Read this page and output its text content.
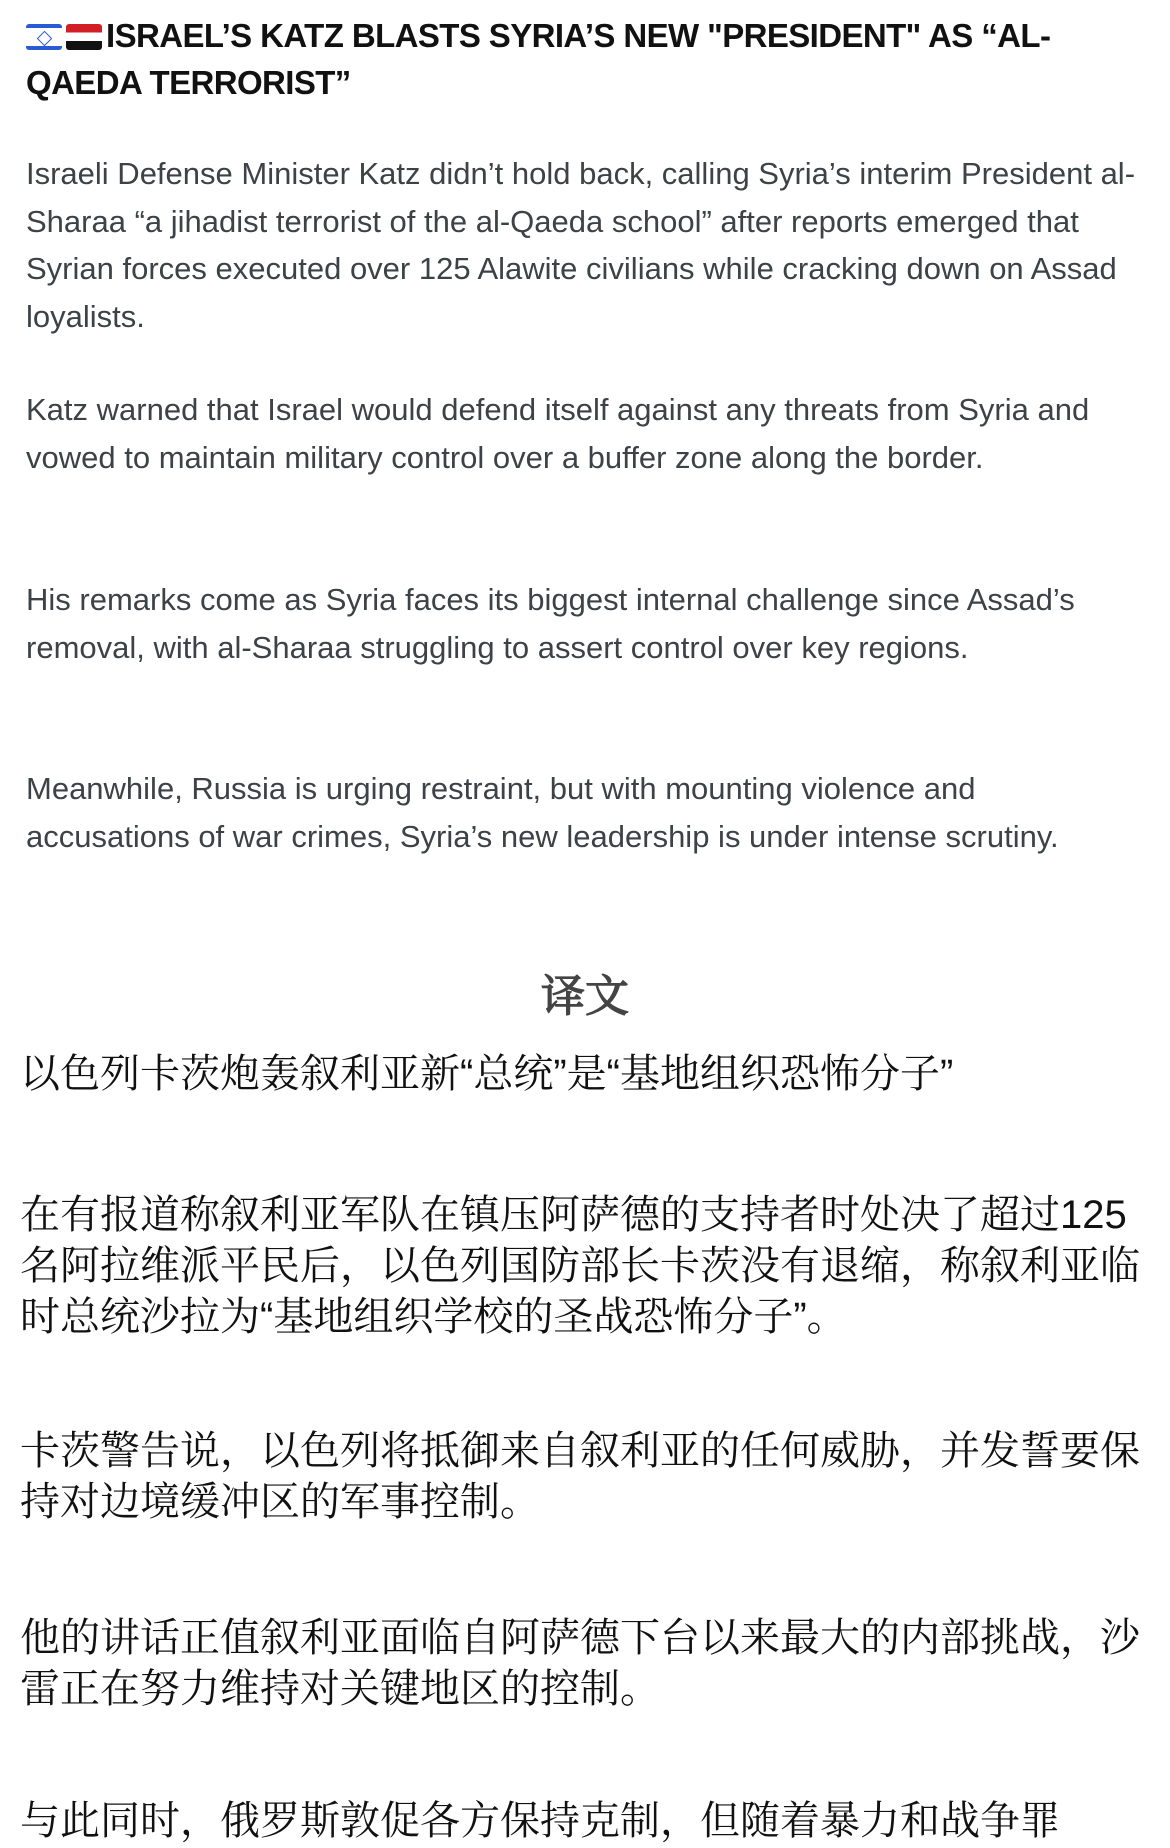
ISRAEL’S KATZ BLASTS SYRIA’S NEW "PRESIDENT" AS “AL-QAEDA TERRORIST”

Israeli Defense Minister Katz didn’t hold back, calling Syria’s interim President al-Sharaa “a jihadist terrorist of the al-Qaeda school” after reports emerged that Syrian forces executed over 125 Alawite civilians while cracking down on Assad loyalists.

Katz warned that Israel would defend itself against any threats from Syria and vowed to maintain military control over a buffer zone along the border.

His remarks come as Syria faces its biggest internal challenge since Assad’s removal, with al-Sharaa struggling to assert control over key regions.

Meanwhile, Russia is urging restraint, but with mounting violence and accusations of war crimes, Syria’s new leadership is under intense scrutiny.

译文

以色列卡茨炮轰叙利亚新“总统”是“基地组织恐怖分子”

在有报道称叙利亚军队在镇压阿萨德的支持者时处决了超过125名阿拉维派平民后，以色列国防部长卡茨没有退缩，称叙利亚临时总统沙拉为“基地组织学校的圣战恐怖分子”。

卡茨警告说，以色列将抵御来自叙利亚的任何威胁，并发誓要保持对边境缓冲区的军事控制。

他的讲话正值叙利亚面临自阿萨德下台以来最大的内部挑战，沙雷正在努力维持对关键地区的控制。

与此同时，俄罗斯敦促各方保持克制，但随着暴力和战争罪
